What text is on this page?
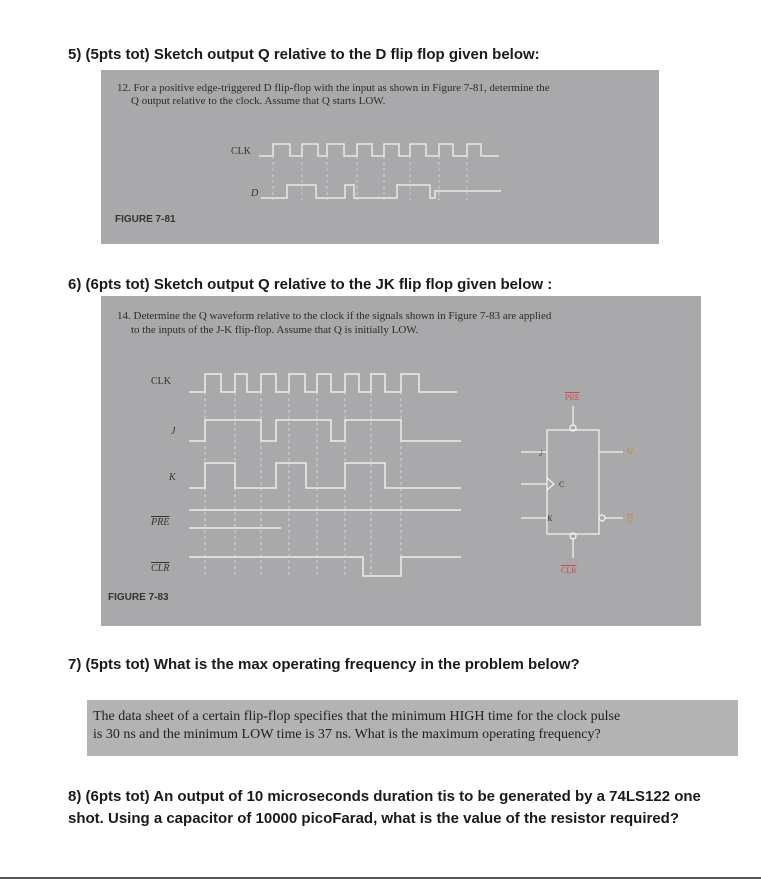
5) (5pts tot) Sketch output Q relative to the D flip flop given below:
12. For a positive edge-triggered D flip-flop with the input as shown in Figure 7-81, determine the
Q output relative to the clock. Assume that Q starts LOW.
CLK
D
FIGURE 7-81
6) (6pts tot) Sketch output Q relative to the JK flip flop given below :
14. Determine the Q waveform relative to the clock if the signals shown in Figure 7-83 are applied
to the inputs of the J-K flip-flop. Assume that Q is initially LOW.
CLK
J
K
$\overline{PRE}$
$\overline{CLR}$
FIGURE 7-83
$\overline{PRE}$
J
C
K
Q
$\overline{Q}$
$\overline{CLR}$
7) (5pts tot) What is the max operating frequency in the problem below?
The data sheet of a certain flip-flop specifies that the minimum HIGH time for the clock pulse
is 30 ns and the minimum LOW time is 37 ns. What is the maximum operating frequency?
8) (6pts tot) An output of 10 microseconds duration tis to be generated by a 74LS122 one shot. Using a capacitor of 10000 picoFarad, what is the value of the resistor required?
